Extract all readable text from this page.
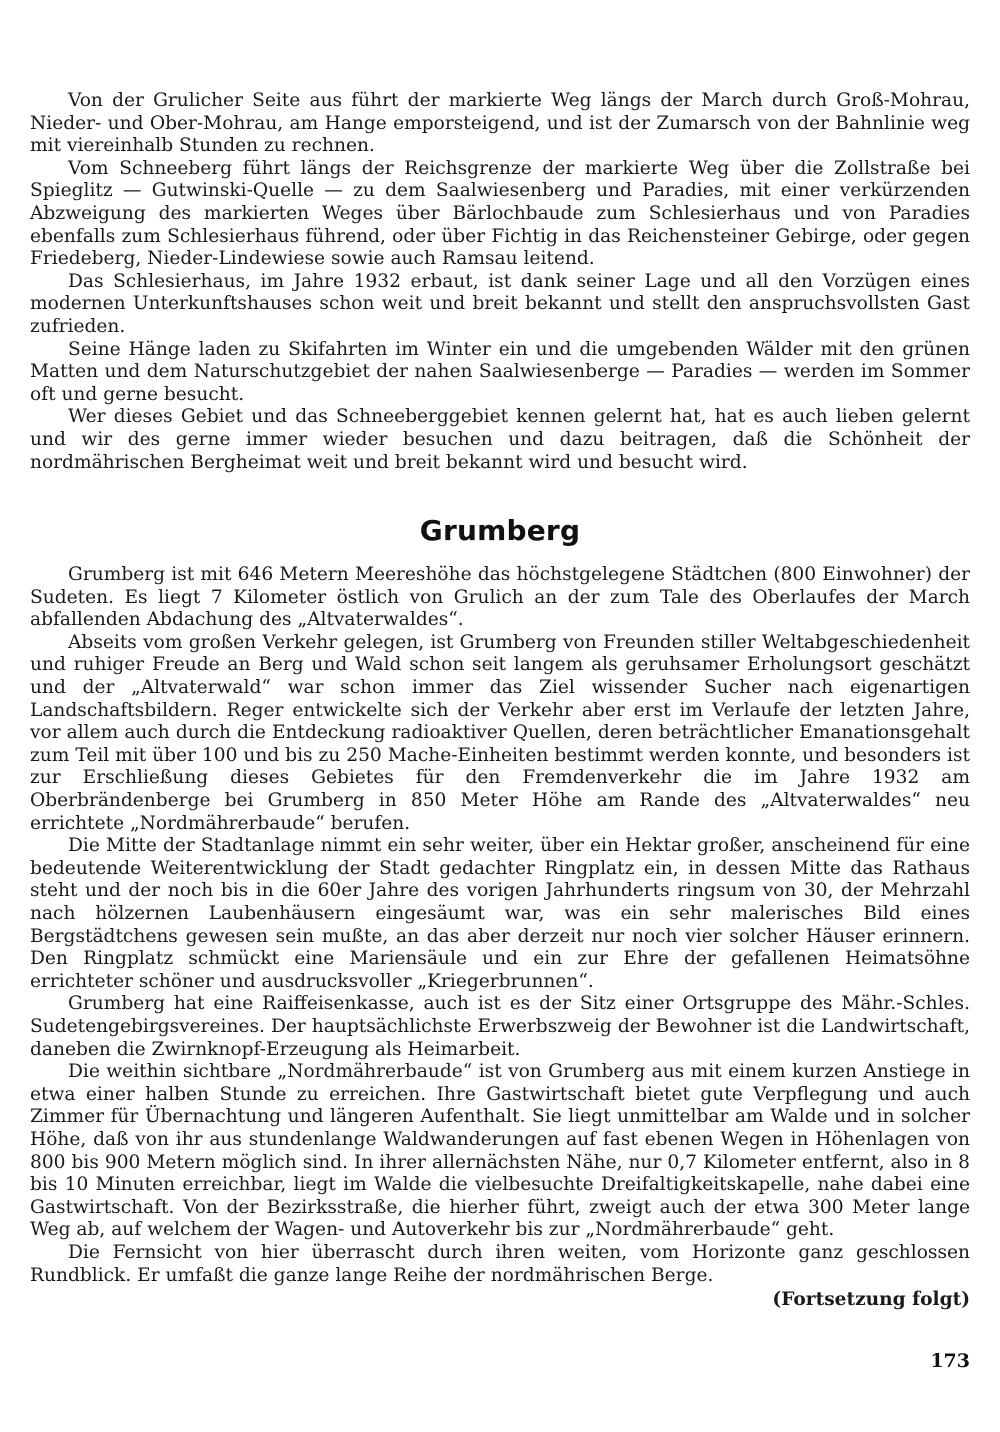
Von der Grulicher Seite aus führt der markierte Weg längs der March durch Groß-Mohrau, Nieder- und Ober-Mohrau, am Hange emporsteigend, und ist der Zumarsch von der Bahnlinie weg mit viereinhalb Stunden zu rechnen.

Vom Schneeberg führt längs der Reichsgrenze der markierte Weg über die Zollstraße bei Spieglitz — Gutwinski-Quelle — zu dem Saalwiesenberg und Paradies, mit einer verkürzenden Abzweigung des markierten Weges über Bärlochbaude zum Schlesierhaus und von Paradies ebenfalls zum Schlesierhaus führend, oder über Fichtig in das Reichensteiner Gebirge, oder gegen Friedeberg, Nieder-Lindewiese sowie auch Ramsau leitend.

Das Schlesierhaus, im Jahre 1932 erbaut, ist dank seiner Lage und all den Vorzügen eines modernen Unterkunftshauses schon weit und breit bekannt und stellt den anspruchsvollsten Gast zufrieden.

Seine Hänge laden zu Skifahrten im Winter ein und die umgebenden Wälder mit den grünen Matten und dem Naturschutzgebiet der nahen Saalwiesenberge — Paradies — werden im Sommer oft und gerne besucht.

Wer dieses Gebiet und das Schneeberggebiet kennen gelernt hat, hat es auch lieben gelernt und wir des gerne immer wieder besuchen und dazu beitragen, daß die Schönheit der nordmährischen Bergheimat weit und breit bekannt wird und besucht wird.

Grumberg

Grumberg ist mit 646 Metern Meereshöhe das höchstgelegene Städtchen (800 Einwohner) der Sudeten. Es liegt 7 Kilometer östlich von Grulich an der zum Tale des Oberlaufes der March abfallenden Abdachung des „Altvaterwaldes“.

Abseits vom großen Verkehr gelegen, ist Grumberg von Freunden stiller Weltabgeschiedenheit und ruhiger Freude an Berg und Wald schon seit langem als geruhsamer Erholungsort geschätzt und der „Altvaterwald“ war schon immer das Ziel wissender Sucher nach eigenartigen Landschaftsbildern. Reger entwickelte sich der Verkehr aber erst im Verlaufe der letzten Jahre, vor allem auch durch die Entdeckung radioaktiver Quellen, deren beträchtlicher Emanationsgehalt zum Teil mit über 100 und bis zu 250 Mache-Einheiten bestimmt werden konnte, und besonders ist zur Erschließung dieses Gebietes für den Fremdenverkehr die im Jahre 1932 am Oberbrändenberge bei Grumberg in 850 Meter Höhe am Rande des „Altvaterwaldes“ neu errichtete „Nordmährerbaude“ berufen.

Die Mitte der Stadtanlage nimmt ein sehr weiter, über ein Hektar großer, anscheinend für eine bedeutende Weiterentwicklung der Stadt gedachter Ringplatz ein, in dessen Mitte das Rathaus steht und der noch bis in die 60er Jahre des vorigen Jahrhunderts ringsum von 30, der Mehrzahl nach hölzernen Laubenhäusern eingesäumt war, was ein sehr malerisches Bild eines Bergstädtchens gewesen sein mußte, an das aber derzeit nur noch vier solcher Häuser erinnern. Den Ringplatz schmückt eine Mariensäule und ein zur Ehre der gefallenen Heimatsöhne errichteter schöner und ausdrucksvoller „Kriegerbrunnen“.

Grumberg hat eine Raiffeisenkasse, auch ist es der Sitz einer Ortsgruppe des Mähr.-Schles. Sudetengebirgsvereines. Der hauptsächlichste Erwerbszweig der Bewohner ist die Landwirtschaft, daneben die Zwirnknopf-Erzeugung als Heimarbeit.

Die weithin sichtbare „Nordmährerbaude“ ist von Grumberg aus mit einem kurzen Anstiege in etwa einer halben Stunde zu erreichen. Ihre Gastwirtschaft bietet gute Verpflegung und auch Zimmer für Übernachtung und längeren Aufenthalt. Sie liegt unmittelbar am Walde und in solcher Höhe, daß von ihr aus stundenlange Waldwanderungen auf fast ebenen Wegen in Höhenlagen von 800 bis 900 Metern möglich sind. In ihrer allernächsten Nähe, nur 0,7 Kilometer entfernt, also in 8 bis 10 Minuten erreichbar, liegt im Walde die vielbesuchte Dreifaltigkeitskapelle, nahe dabei eine Gastwirtschaft. Von der Bezirksstraße, die hierher führt, zweigt auch der etwa 300 Meter lange Weg ab, auf welchem der Wagen- und Autoverkehr bis zur „Nordmährerbaude“ geht.

Die Fernsicht von hier überrascht durch ihren weiten, vom Horizonte ganz geschlossen Rundblick. Er umfaßt die ganze lange Reihe der nordmährischen Berge.

(Fortsetzung folgt)

173
